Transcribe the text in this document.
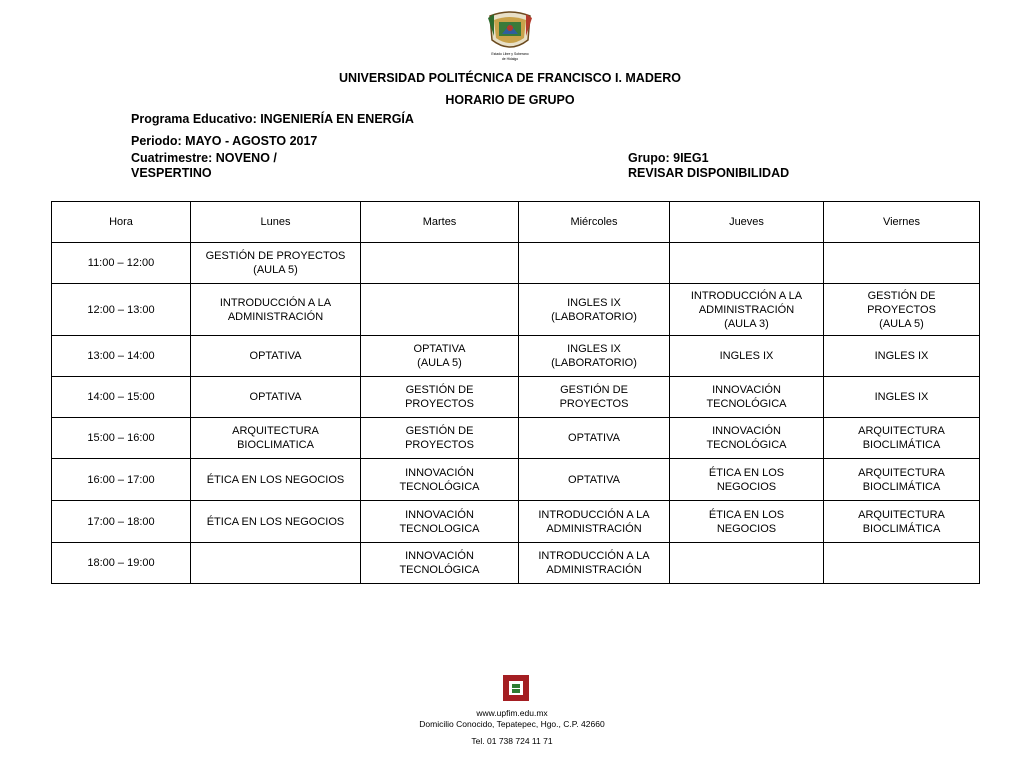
Estado Libre y Soberano
de Hidalgo
UNIVERSIDAD POLITÉCNICA DE FRANCISCO I. MADERO
HORARIO DE GRUPO
Programa Educativo: INGENIERÍA EN ENERGÍA
Periodo: MAYO - AGOSTO 2017
Cuatrimestre: NOVENO /
VESPERTINO
Grupo: 9IEG1
REVISAR DISPONIBILIDAD
Hora	Lunes	Martes	Miércoles	Jueves	Viernes

11:00 – 12:00	GESTIÓN DE PROYECTOS
(AULA 5)				

12:00 – 13:00	INTRODUCCIÓN A LA
ADMINISTRACIÓN		INGLES IX
(LABORATORIO)	INTRODUCCIÓN A LA
ADMINISTRACIÓN
(AULA 3)	GESTIÓN DE
PROYECTOS
(AULA 5)

13:00 – 14:00	OPTATIVA	OPTATIVA
(AULA 5)	INGLES IX
(LABORATORIO)	INGLES IX	INGLES IX

14:00 – 15:00	OPTATIVA	GESTIÓN DE
PROYECTOS	GESTIÓN DE
PROYECTOS	INNOVACIÓN
TECNOLÓGICA	INGLES IX

15:00 – 16:00	ARQUITECTURA
BIOCLIMATICA	GESTIÓN DE
PROYECTOS	OPTATIVA	INNOVACIÓN
TECNOLÓGICA	ARQUITECTURA
BIOCLIMÁTICA

16:00 – 17:00	ÉTICA EN LOS NEGOCIOS	INNOVACIÓN
TECNOLÓGICA	OPTATIVA	ÉTICA EN LOS
NEGOCIOS	ARQUITECTURA
BIOCLIMÁTICA

17:00 – 18:00	ÉTICA EN LOS NEGOCIOS	INNOVACIÓN
TECNOLOGICA	INTRODUCCIÓN A LA
ADMINISTRACIÓN	ÉTICA EN LOS
NEGOCIOS	ARQUITECTURA
BIOCLIMÁTICA

18:00 – 19:00		INNOVACIÓN
TECNOLÓGICA	INTRODUCCIÓN A LA
ADMINISTRACIÓN		

www.upfim.edu.mx
Domicilio Conocido, Tepatepec, Hgo., C.P. 42660
Tel. 01 738 724 11 71
